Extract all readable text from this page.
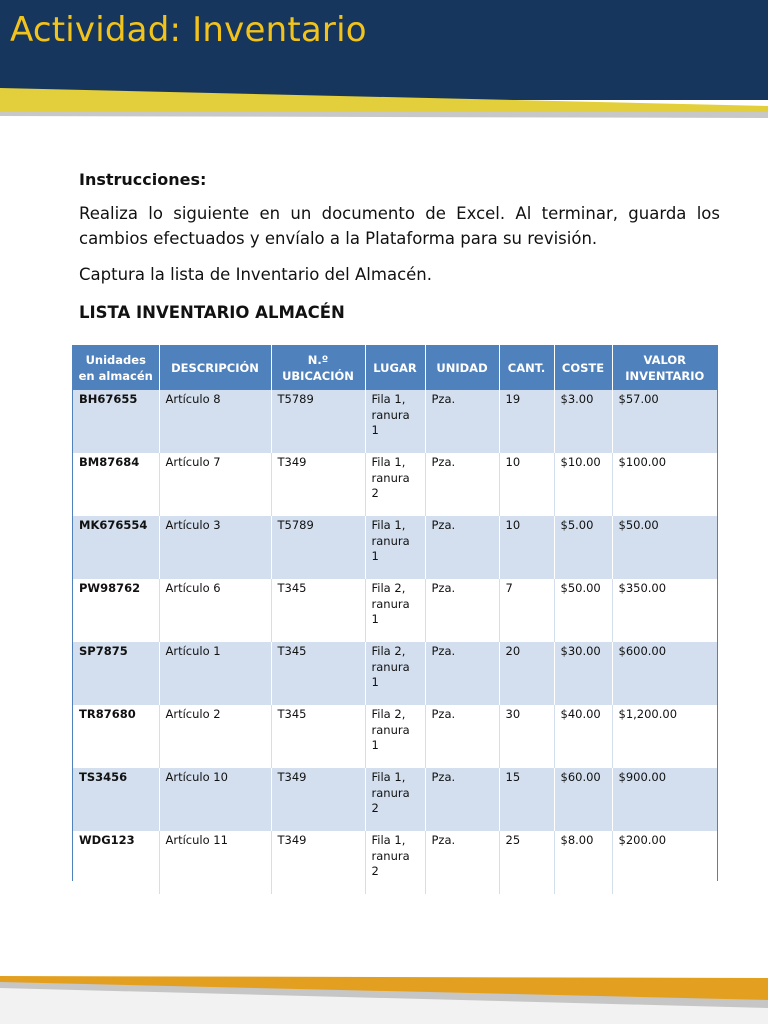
Actividad: Inventario
Instrucciones:

Realiza lo siguiente en un documento de Excel. Al terminar, guarda los cambios efectuados y envíalo a la Plataforma para su revisión.

Captura la lista de Inventario del Almacén.

LISTA INVENTARIO ALMACÉN
Unidades en almacén	DESCRIPCIÓN	N.º UBICACIÓN	LUGAR	UNIDAD	CANT.	COSTE	VALOR INVENTARIO
BH67655	Artículo 8	T5789	Fila 1, ranura 1	Pza.	19	$3.00	$57.00
BM87684	Artículo 7	T349	Fila 1, ranura 2	Pza.	10	$10.00	$100.00
MK676554	Artículo 3	T5789	Fila 1, ranura 1	Pza.	10	$5.00	$50.00
PW98762	Artículo 6	T345	Fila 2, ranura 1	Pza.	7	$50.00	$350.00
SP7875	Artículo 1	T345	Fila 2, ranura 1	Pza.	20	$30.00	$600.00
TR87680	Artículo 2	T345	Fila 2, ranura 1	Pza.	30	$40.00	$1,200.00
TS3456	Artículo 10	T349	Fila 1, ranura 2	Pza.	15	$60.00	$900.00
WDG123	Artículo 11	T349	Fila 1, ranura 2	Pza.	25	$8.00	$200.00
